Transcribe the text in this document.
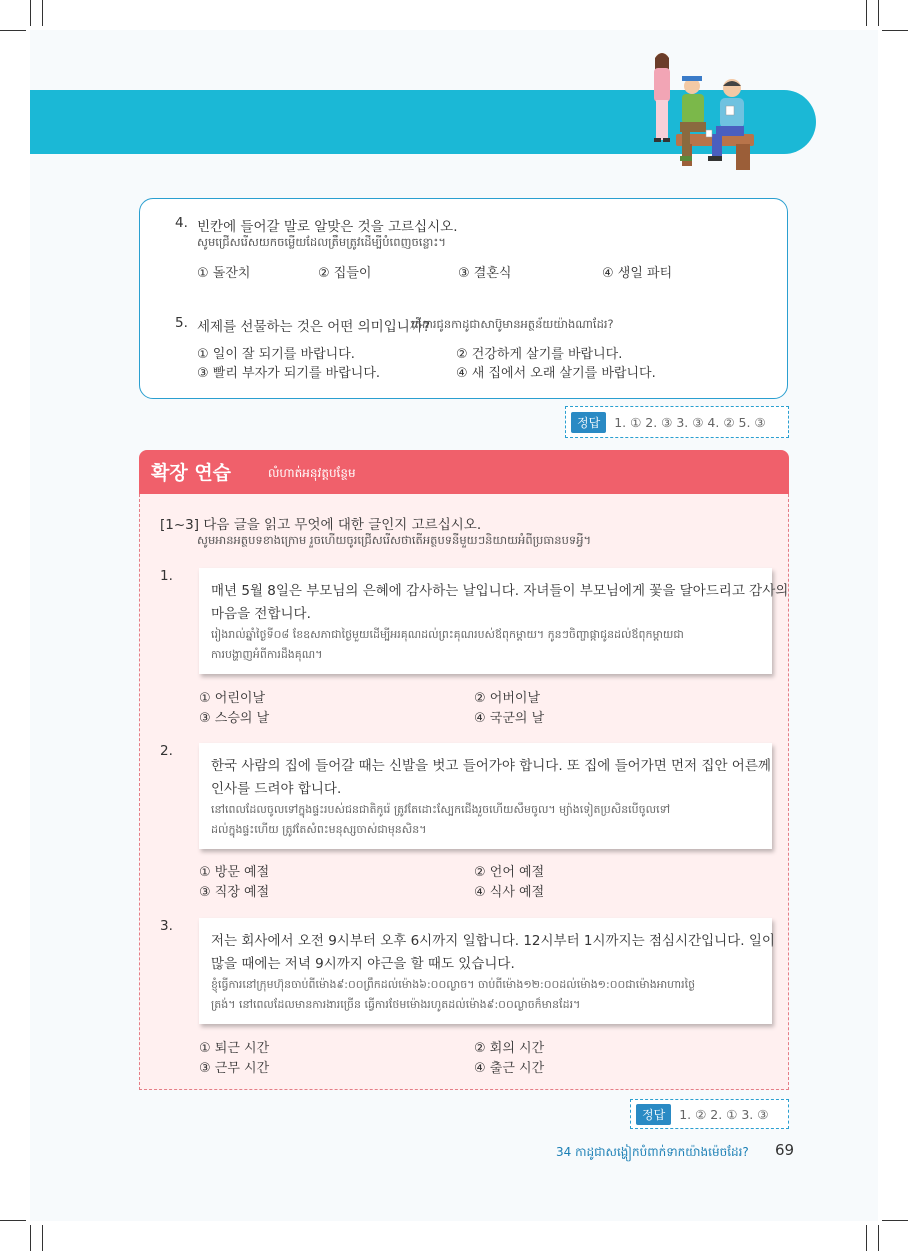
4. 빈칸에 들어갈 말로 알맞은 것을 고르십시오.
សូមជ្រើសរើសយកចម្លើយដែលត្រឹមត្រូវដើម្បីបំពេញចន្លោះ។
① 돌잔치	② 집들이	③ 결혼식	④ 생일 파티
5. 세제를 선물하는 것은 어떤 의미입니까?
តើការជូនកាដូជាសាប៊ូមានអត្ថន័យយ៉ាងណាដែរ?
① 일이 잘 되기를 바랍니다.	② 건강하게 살기를 바랍니다.
③ 빨리 부자가 되기를 바랍니다.	④ 새 집에서 오래 살기를 바랍니다.
정답	1. ① 2. ③ 3. ③ 4. ② 5. ③
확장 연습	លំហាត់អនុវត្តបន្ថែម
[1~3] 다음 글을 읽고 무엇에 대한 글인지 고르십시오.
សូមអានអត្ថបទខាងក្រោម រួចហើយចូរជ្រើសរើសថាតើអត្ថបទនីមួយៗនិយាយអំពីប្រធានបទអ្វី។
1.
매년 5월 8일은 부모님의 은혜에 감사하는 날입니다. 자녀들이 부모님에게 꽃을 달아드리고 감사의
마음을 전합니다.
រៀងរាល់ឆ្នាំថ្ងៃទី០៨ ខែឧសភាជាថ្ងៃមួយដើម្បីអរគុណដល់ព្រះគុណរបស់ឪពុកម្ដាយ។ កូនៗចិញ្ចាផ្កាជូនដល់ឪពុកម្ដាយជា
ការបង្ហាញអំពីការដឹងគុណ។
① 어린이날	② 어버이날
③ 스승의 날	④ 국군의 날
2.
한국 사람의 집에 들어갈 때는 신발을 벗고 들어가야 합니다. 또 집에 들어가면 먼저 집안 어른께
인사를 드려야 합니다.
នៅពេលដែលចូលទៅក្នុងផ្ទះរបស់ជនជាតិកូរ៉េ ត្រូវតែដោះស្បែកជើងរួចហើយសឹមចូល។ ម្យ៉ាងទៀតប្រសិនបើចូលទៅ
ដល់ក្នុងផ្ទះហើយ ត្រូវតែសំពះមនុស្សចាស់ជាមុនសិន។
① 방문 예절	② 언어 예절
③ 직장 예절	④ 식사 예절
3.
저는 회사에서 오전 9시부터 오후 6시까지 일합니다. 12시부터 1시까지는 점심시간입니다. 일이
많을 때에는 저녁 9시까지 야근을 할 때도 있습니다.
ខ្ញុំធ្វើការនៅក្រុមហ៊ុនចាប់ពីម៉ោង៩:០០ព្រឹកដល់ម៉ោង៦:០០ល្ងាច។ ចាប់ពីម៉ោង១២:០០ដល់ម៉ោង១:០០ជាម៉ោងអាហារថ្ងៃ
ត្រង់។ នៅពេលដែលមានការងារច្រើន ធ្វើការថែមម៉ោងរហូតដល់ម៉ោង៩:០០ល្ងាចក៏មានដែរ។
① 퇴근 시간	② 회의 시간
③ 근무 시간	④ 출근 시간
정답	1. ② 2. ① 3. ③
34 កាដូជាសង្ហៀកបំពាក់ទាកយ៉ាងម៉េចដែរ? 69
